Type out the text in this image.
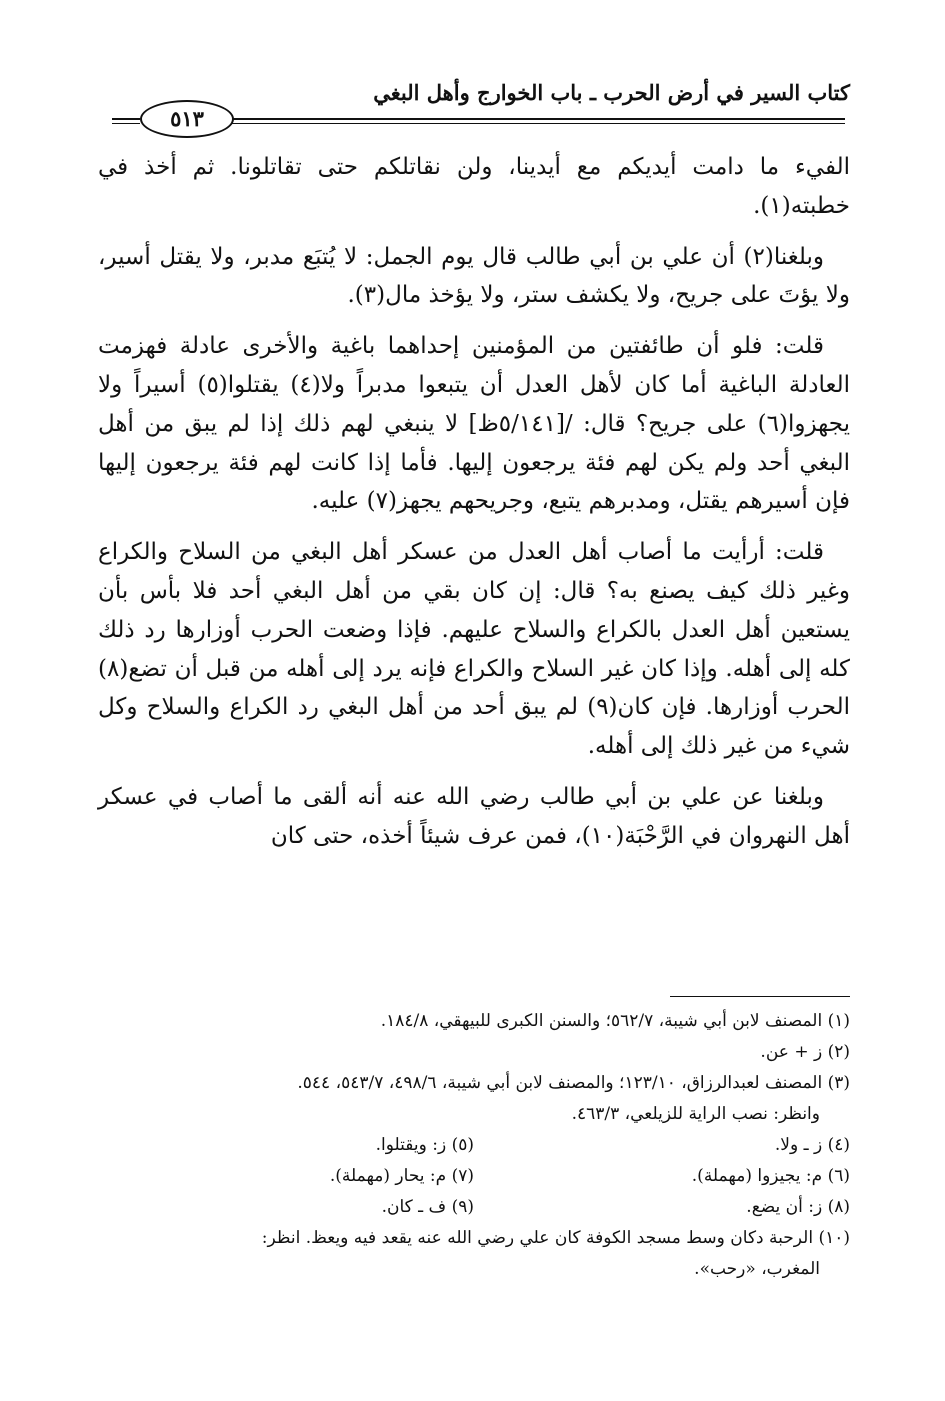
كتاب السير في أرض الحرب ـ باب الخوارج وأهل البغي
٥١٣

الفيء ما دامت أيديكم مع أيدينا، ولن نقاتلكم حتى تقاتلونا. ثم أخذ في خطبته(١).

وبلغنا(٢) أن علي بن أبي طالب قال يوم الجمل: لا يُتبَع مدبر، ولا يقتل أسير، ولا يؤتَ على جريح، ولا يكشف ستر، ولا يؤخذ مال(٣).

قلت: فلو أن طائفتين من المؤمنين إحداهما باغية والأخرى عادلة فهزمت العادلة الباغية أما كان لأهل العدل أن يتبعوا مدبراً ولا(٤) يقتلوا(٥) أسيراً ولا يجهزوا(٦) على جريح؟ قال: /[٥/١٤١ظ] لا ينبغي لهم ذلك إذا لم يبق من أهل البغي أحد ولم يكن لهم فئة يرجعون إليها. فأما إذا كانت لهم فئة يرجعون إليها فإن أسيرهم يقتل، ومدبرهم يتبع، وجريحهم يجهز(٧) عليه.

قلت: أرأيت ما أصاب أهل العدل من عسكر أهل البغي من السلاح والكراع وغير ذلك كيف يصنع به؟ قال: إن كان بقي من أهل البغي أحد فلا بأس بأن يستعين أهل العدل بالكراع والسلاح عليهم. فإذا وضعت الحرب أوزارها رد ذلك كله إلى أهله. وإذا كان غير السلاح والكراع فإنه يرد إلى أهله من قبل أن تضع(٨) الحرب أوزارها. فإن كان(٩) لم يبق أحد من أهل البغي رد الكراع والسلاح وكل شيء من غير ذلك إلى أهله.

وبلغنا عن علي بن أبي طالب رضي الله عنه أنه ألقى ما أصاب في عسكر أهل النهروان في الرَّحْبَة(١٠)، فمن عرف شيئاً أخذه، حتى كان

(١) المصنف لابن أبي شيبة، ٥٦٢/٧؛ والسنن الكبرى للبيهقي، ١٨٤/٨.

(٢) ز + عن.

(٣) المصنف لعبدالرزاق، ١٢٣/١٠؛ والمصنف لابن أبي شيبة، ٤٩٨/٦، ٥٤٣/٧، ٥٤٤.

وانظر: نصب الراية للزيلعي، ٤٦٣/٣.

(٤) ز ـ ولا.
(٥) ز: ويقتلوا.
(٦) م: يجيزوا (مهملة).
(٧) م: يحار (مهملة).
(٨) ز: أن يضع.
(٩) ف ـ كان.

(١٠) الرحبة دكان وسط مسجد الكوفة كان علي رضي الله عنه يقعد فيه ويعظ. انظر:

المغرب، «رحب».
